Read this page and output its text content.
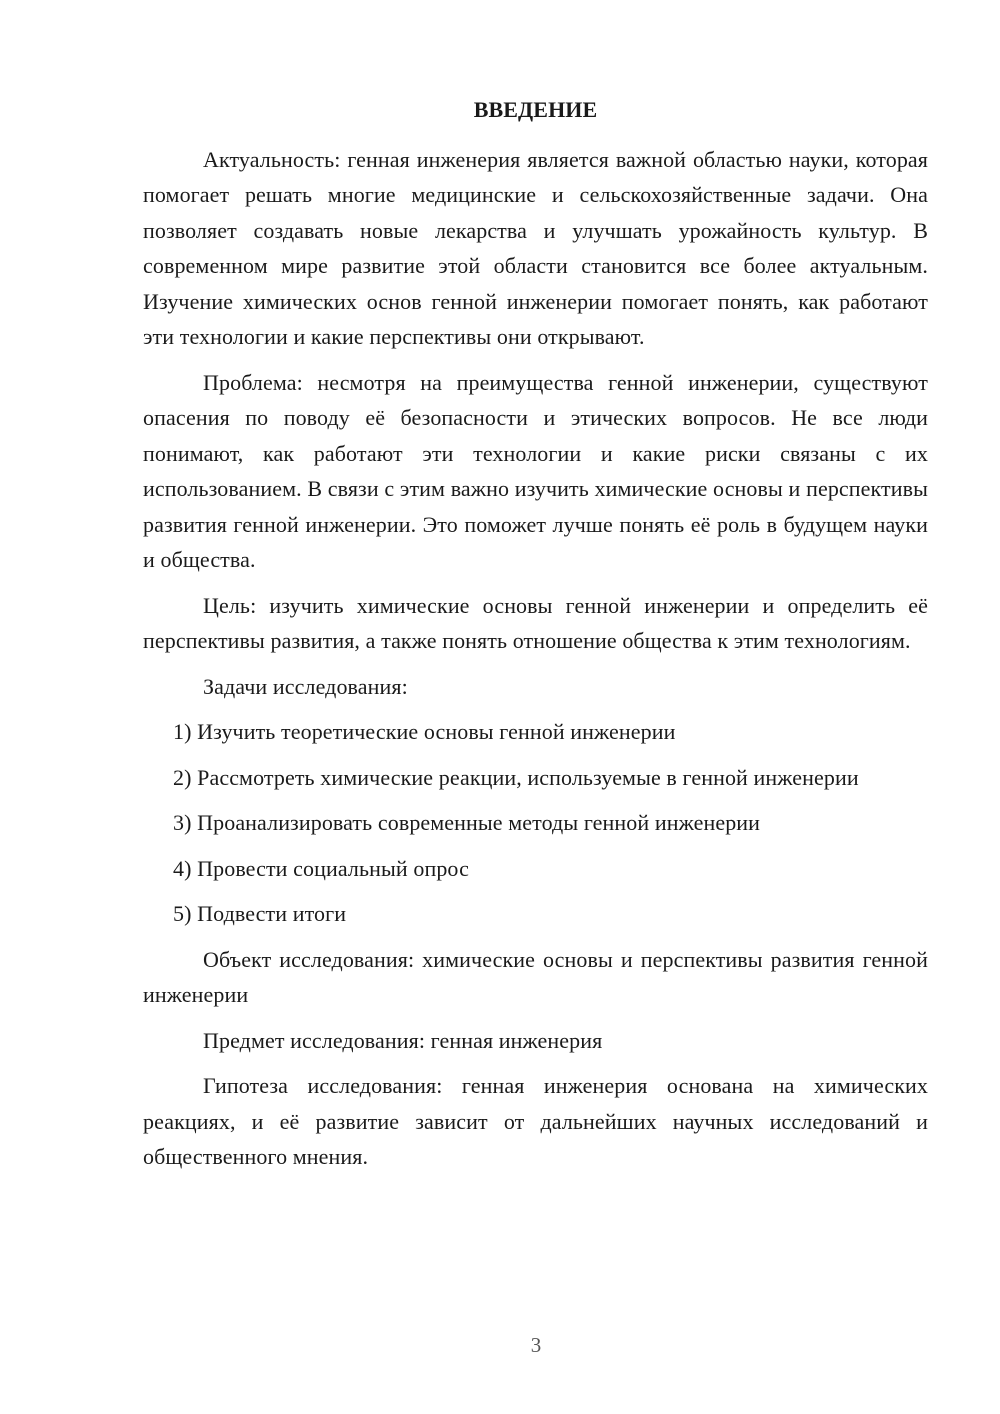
ВВЕДЕНИЕ

Актуальность: генная инженерия является важной областью науки, которая помогает решать многие медицинские и сельскохозяйственные задачи. Она позволяет создавать новые лекарства и улучшать урожайность культур. В современном мире развитие этой области становится все более актуальным. Изучение химических основ генной инженерии помогает понять, как работают эти технологии и какие перспективы они открывают.

Проблема: несмотря на преимущества генной инженерии, существуют опасения по поводу её безопасности и этических вопросов. Не все люди понимают, как работают эти технологии и какие риски связаны с их использованием. В связи с этим важно изучить химические основы и перспективы развития генной инженерии. Это поможет лучше понять её роль в будущем науки и общества.

Цель: изучить химические основы генной инженерии и определить её перспективы развития, а также понять отношение общества к этим технологиям.

Задачи исследования:

1) Изучить теоретические основы генной инженерии

2) Рассмотреть химические реакции, используемые в генной инженерии

3) Проанализировать современные методы генной инженерии

4) Провести социальный опрос

5) Подвести итоги

Объект исследования: химические основы и перспективы развития генной инженерии

Предмет исследования: генная инженерия

Гипотеза исследования: генная инженерия основана на химических реакциях, и её развитие зависит от дальнейших научных исследований и общественного мнения.

3
